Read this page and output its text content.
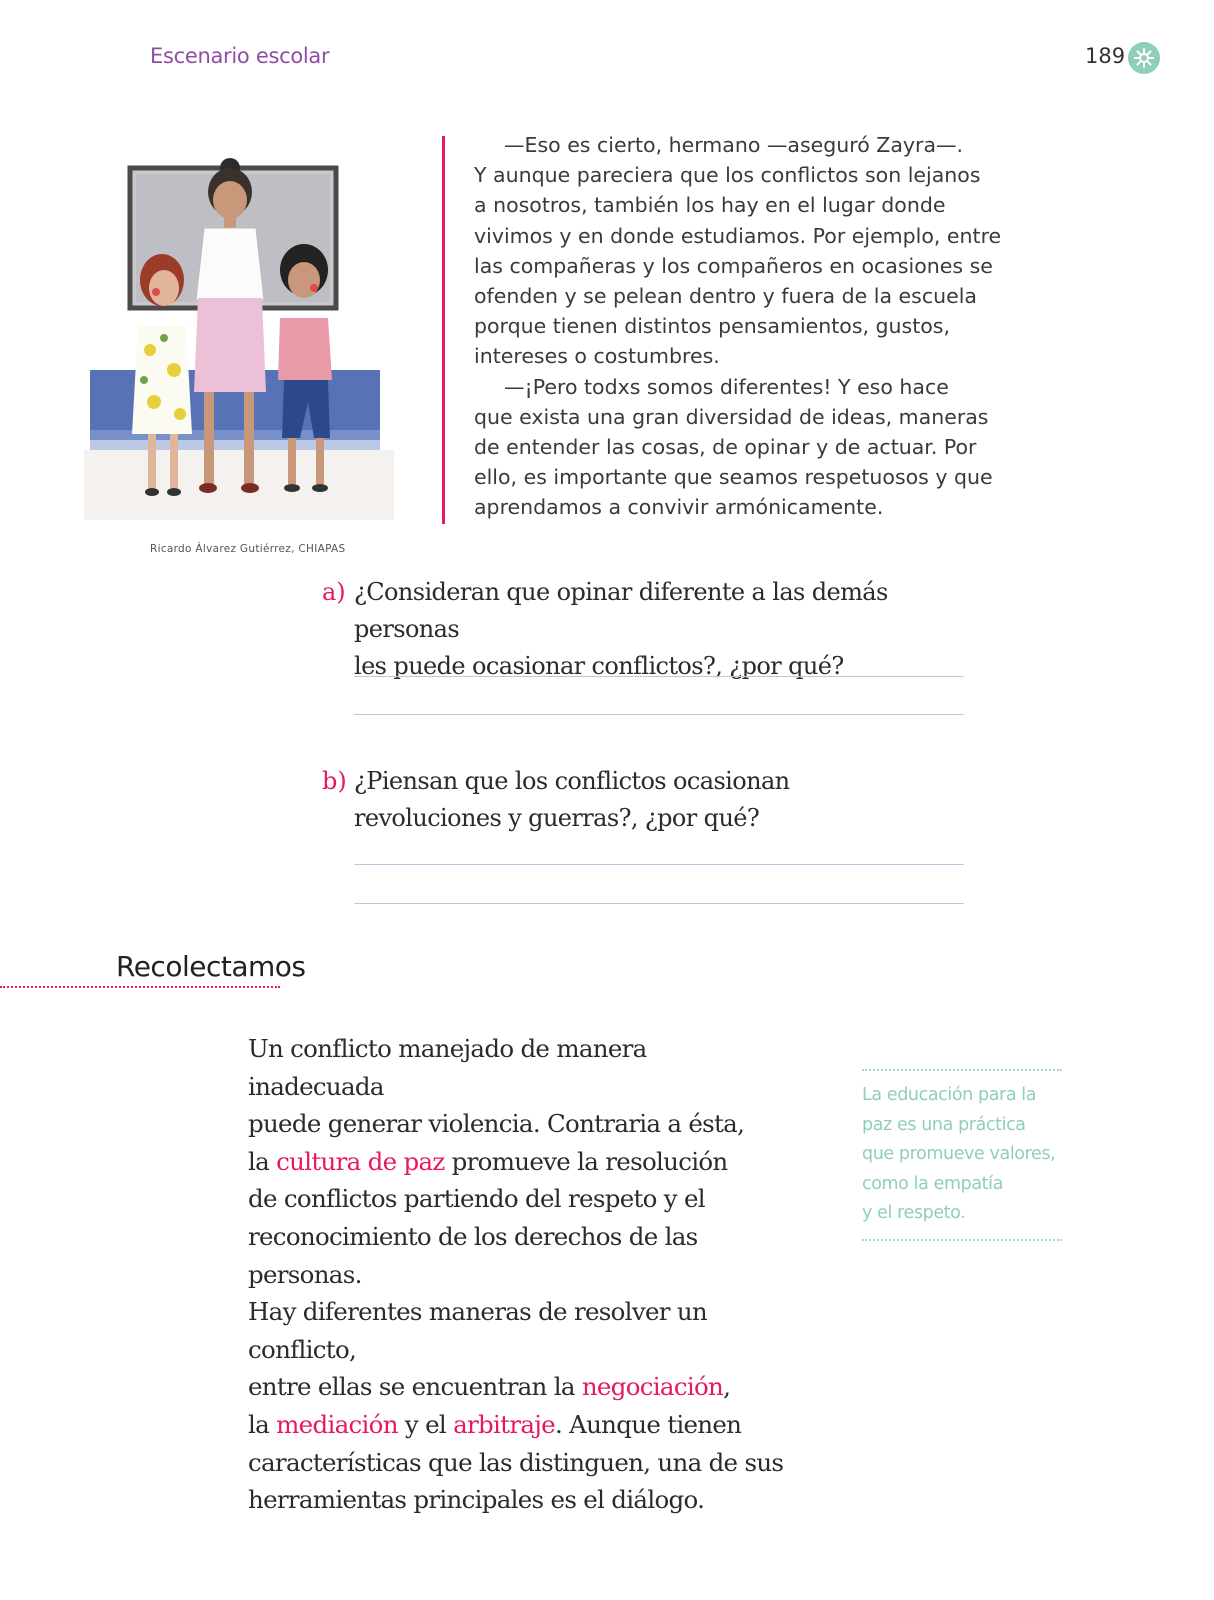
Escenario escolar	189
Ricardo Álvarez Gutiérrez, CHIAPAS

—Eso es cierto, hermano —aseguró Zayra—.

Y aunque pareciera que los conflictos son lejanos

a nosotros, también los hay en el lugar donde

vivimos y en donde estudiamos. Por ejemplo, entre

las compañeras y los compañeros en ocasiones se

ofenden y se pelean dentro y fuera de la escuela

porque tienen distintos pensamientos, gustos,

intereses o costumbres.

—¡Pero todxs somos diferentes! Y eso hace

que exista una gran diversidad de ideas, maneras

de entender las cosas, de opinar y de actuar. Por

ello, es importante que seamos respetuosos y que

aprendamos a convivir armónicamente.

a) ¿Consideran que opinar diferente a las demás personas
les puede ocasionar conflictos?, ¿por qué?
b) ¿Piensan que los conflictos ocasionan
revoluciones y guerras?, ¿por qué?
Recolectamos
Un conflicto manejado de manera inadecuada
puede generar violencia. Contraria a ésta,
la cultura de paz promueve la resolución
de conflictos partiendo del respeto y el
reconocimiento de los derechos de las personas.
Hay diferentes maneras de resolver un conflicto,
entre ellas se encuentran la negociación,
la mediación y el arbitraje. Aunque tienen
características que las distinguen, una de sus
herramientas principales es el diálogo.
La educación para la
paz es una práctica
que promueve valores,
como la empatía
y el respeto.
